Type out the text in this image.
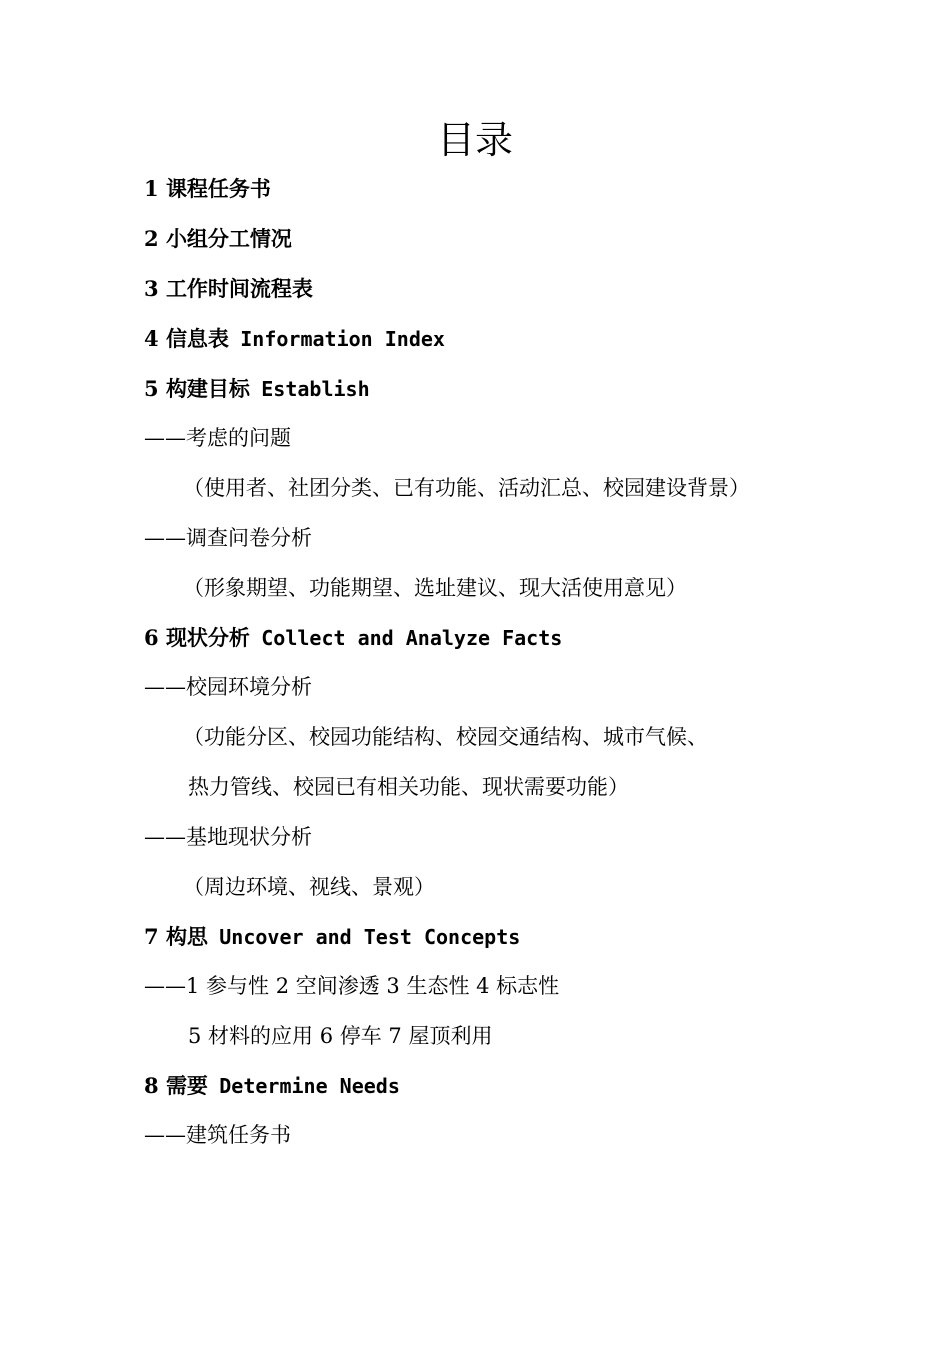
目录
1 课程任务书
2 小组分工情况
3 工作时间流程表
4 信息表 Information Index
5 构建目标 Establish
——考虑的问题
（使用者、社团分类、已有功能、活动汇总、校园建设背景）
——调查问卷分析
（形象期望、功能期望、选址建议、现大活使用意见）
6 现状分析 Collect and Analyze Facts
——校园环境分析
（功能分区、校园功能结构、校园交通结构、城市气候、
热力管线、校园已有相关功能、现状需要功能）
——基地现状分析
（周边环境、视线、景观）
7 构思 Uncover and Test Concepts
——1 参与性 2 空间渗透 3 生态性 4 标志性
5 材料的应用 6 停车 7 屋顶利用
8 需要 Determine Needs
——建筑任务书
